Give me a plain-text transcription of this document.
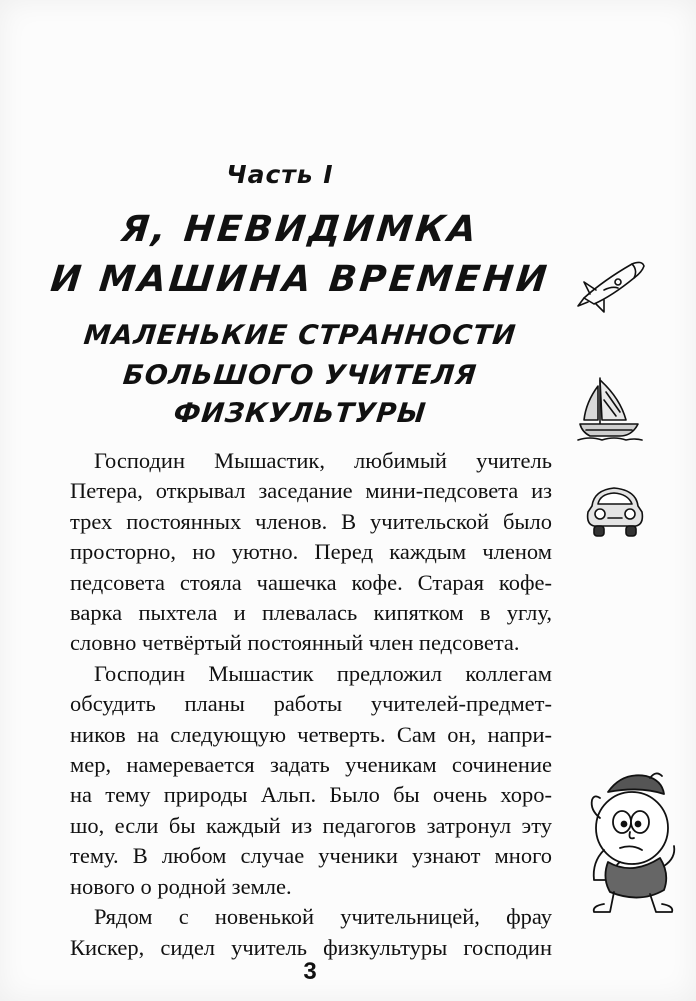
Часть I
Я, НЕВИДИМКА
И МАШИНА ВРЕМЕНИ
МАЛЕНЬКИЕ СТРАННОСТИ
БОЛЬШОГО УЧИТЕЛЯ
ФИЗКУЛЬТУРЫ
Господин Мышастик, любимый учитель
Петера, открывал заседание мини-педсовета из
трех постоянных членов. В учительской было
просторно, но уютно. Перед каждым членом
педсовета стояла чашечка кофе. Старая кофе-
варка пыхтела и плевалась кипятком в углу,
словно четвёртый постоянный член педсовета.
Господин Мышастик предложил коллегам
обсудить планы работы учителей-предмет-
ников на следующую четверть. Сам он, напри-
мер, намеревается задать ученикам сочинение
на тему природы Альп. Было бы очень хоро-
шо, если бы каждый из педагогов затронул эту
тему. В любом случае ученики узнают много
нового о родной земле.
Рядом с новенькой учительницей, фрау
Кискер, сидел учитель физкультуры господин
3
